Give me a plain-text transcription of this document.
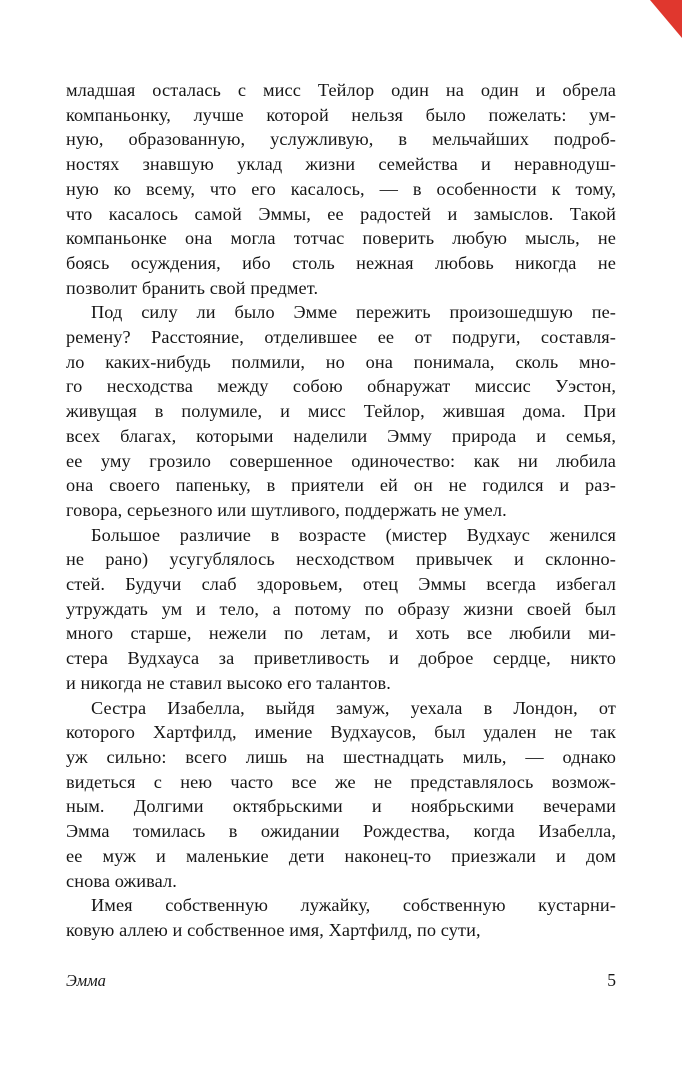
младшая осталась с мисс Тейлор один на один и обрела
компаньонку, лучше которой нельзя было пожелать: ум-
ную, образованную, услужливую, в мельчайших подроб-
ностях знавшую уклад жизни семейства и неравнодуш-
ную ко всему, что его касалось, — в особенности к тому,
что касалось самой Эммы, ее радостей и замыслов. Такой
компаньонке она могла тотчас поверить любую мысль, не
боясь осуждения, ибо столь нежная любовь никогда не
позволит бранить свой предмет.
Под силу ли было Эмме пережить произошедшую пе-
ремену? Расстояние, отделившее ее от подруги, составля-
ло каких-нибудь полмили, но она понимала, сколь мно-
го несходства между собою обнаружат миссис Уэстон,
живущая в полумиле, и мисс Тейлор, жившая дома. При
всех благах, которыми наделили Эмму природа и семья,
ее уму грозило совершенное одиночество: как ни любила
она своего папеньку, в приятели ей он не годился и раз-
говора, серьезного или шутливого, поддержать не умел.
Большое различие в возрасте (мистер Вудхаус женился
не рано) усугублялось несходством привычек и склонно-
стей. Будучи слаб здоровьем, отец Эммы всегда избегал
утруждать ум и тело, а потому по образу жизни своей был
много старше, нежели по летам, и хоть все любили ми-
стера Вудхауса за приветливость и доброе сердце, никто
и никогда не ставил высоко его талантов.
Сестра Изабелла, выйдя замуж, уехала в Лондон, от
которого Хартфилд, имение Вудхаусов, был удален не так
уж сильно: всего лишь на шестнадцать миль, — однако
видеться с нею часто все же не представлялось возмож-
ным. Долгими октябрьскими и ноябрьскими вечерами
Эмма томилась в ожидании Рождества, когда Изабелла,
ее муж и маленькие дети наконец-то приезжали и дом
снова оживал.
Имея собственную лужайку, собственную кустарни-
ковую аллею и собственное имя, Хартфилд, по сути,
Эмма	5
